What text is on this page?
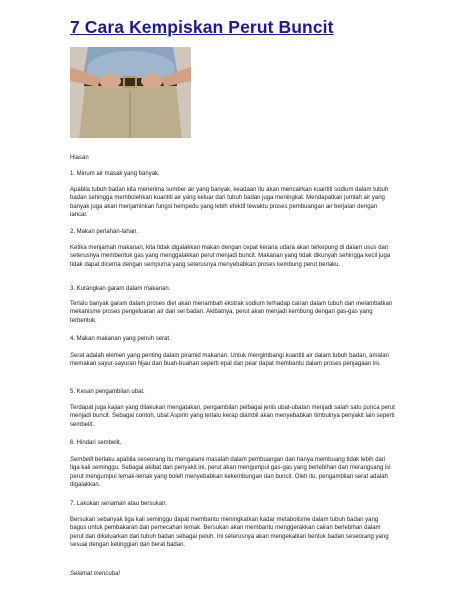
7 Cara Kempiskan Perut Buncit
Hiasan
1. Minum air masak yang banyak.
Apabila tubuh badan kita menerima sumber air yang banyak, keadaan itu akan mencairkan kuantiti sodium dalam tubuh badan sehingga membolehkan kuantiti air yang keluar dari tubuh badan juga meningkat. Mendapatkan jumlah air yang banyak juga akan menjaminkan fungsi hempedu yang lebih efektif tewaktu proses pembuangan air berjalan dengan lancar.
2. Makan perlahan-lahan.
Ketika menjamah makanan, kita tidak digalakkan makan dengan cepat kerana udara akan terkepung di dalam usus dan seterusnya membentuk gas yang menggalakkan perut menjadi buncit. Makanan yang tidak dikunyah sehingga kecil juga tidak dapat dicerna dengan sempurna yang seterusnya menyebabkan proses kembung perut berlaku.
3. Kurangkan garam dalam makanan.
Terlalu banyak garam dalam proses diet akan menambah ekstrak sodium terhadap cairan dalam tubuh dan melambatkan mekanisme proses pengeluaran air dari sel badan. Akibatnya, perut akan menjadi kembung dengan gas-gas yang terbentuk.
4. Makan makanan yang penuh serat.
Serat adalah elemen yang penting dalam piramid makanan. Untuk mengimbangi kuantiti air dalam tubuh badan, amalan memakan sayur-sayuran hijau dan buah-buahan seperti epal dan pear dapat membantu dalam proses penjagaan ini.
5. Kesan pengambilan ubat.
Terdapat juga kajian yang dilakukan mengatakan, pengambilan pelbagai jenis ubat-ubatan menjadi salah satu punca perut menjadi buncit. Sebagai contoh, ubat Aspirin yang terlalu kerap diambil akan menyebabkan timbulnya penyakit lain seperti sembelit.
6. Hindari sembelit.
Sembelit berlaku apabila seseorang itu mengalami masalah dalam pembuangan dan hanya membuang tidak lebih dari tiga kali seminggu. Sebagai akibat dari penyakit ini, perut akan mengumpul gas-gas yang berlebihan dan merangsang isi perut mengumpul lemak-lemak yang boleh menyebabkan kekembungan dan buncit. Oleh itu, pengambilan serat adalah digalakkan.
7. Lakukan senaman atau bersukan.
Bersukan sebanyak tiga kali seminggu dapat membantu meningkatkan kadar metabolisme dalam tubuh badan yang bagus untuk pembakaran dan pemecahan lemak. Bersukan akan membantu menggerakkan cairan berlebihan dalam perut dan dikeluarkan dari tubuh badan sebagai peluh. Ini seterusnya akan mengekalkan bentuk badan seseorang yang sesuai dengan ketinggian dan berat badan.
Selamat mencuba!
